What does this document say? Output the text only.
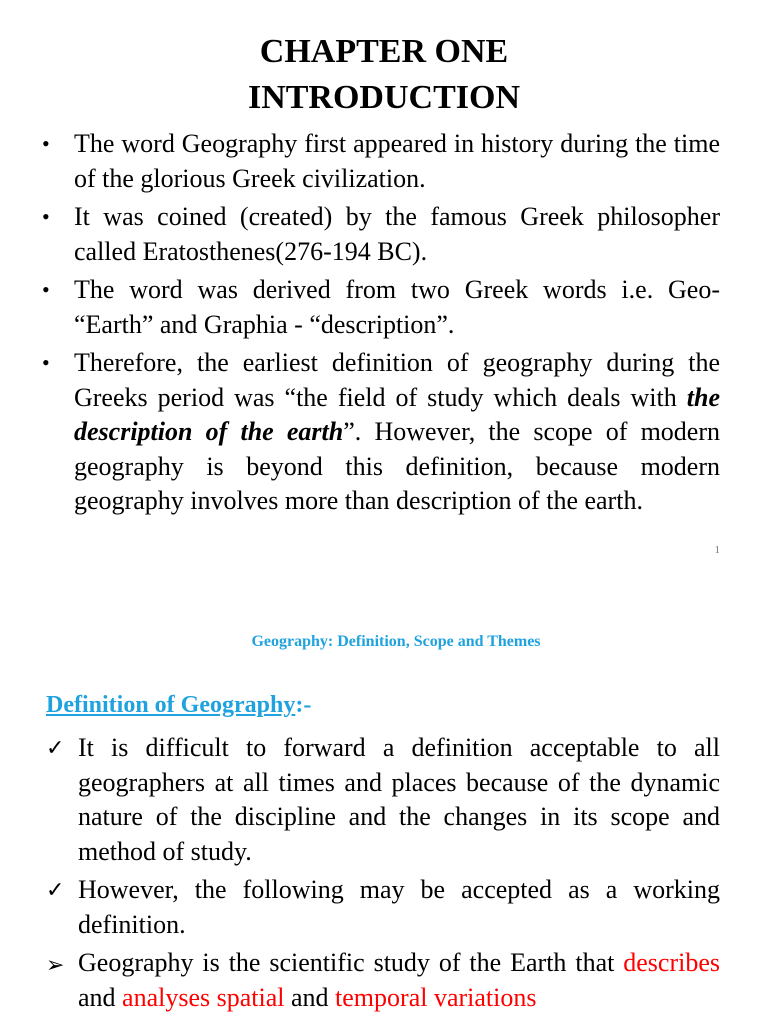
CHAPTER ONE
INTRODUCTION
• The word Geography first appeared in history during the time of the glorious Greek civilization.
• It was coined (created) by the famous Greek philosopher called Eratosthenes(276-194 BC).
• The word was derived from two Greek words i.e. Geo- “Earth” and Graphia - “description”.
• Therefore, the earliest definition of geography during the Greeks period was “the field of study which deals with the description of the earth”. However, the scope of modern geography is beyond this definition, because modern geography involves more than description of the earth.
1
Geography: Definition, Scope and Themes
Definition of Geography:-
✓ It is difficult to forward a definition acceptable to all geographers at all times and places because of the dynamic nature of the discipline and the changes in its scope and method of study.
✓ However, the following may be accepted as a working definition.
➢ Geography is the scientific study of the Earth that describes and analyses spatial and temporal variations
